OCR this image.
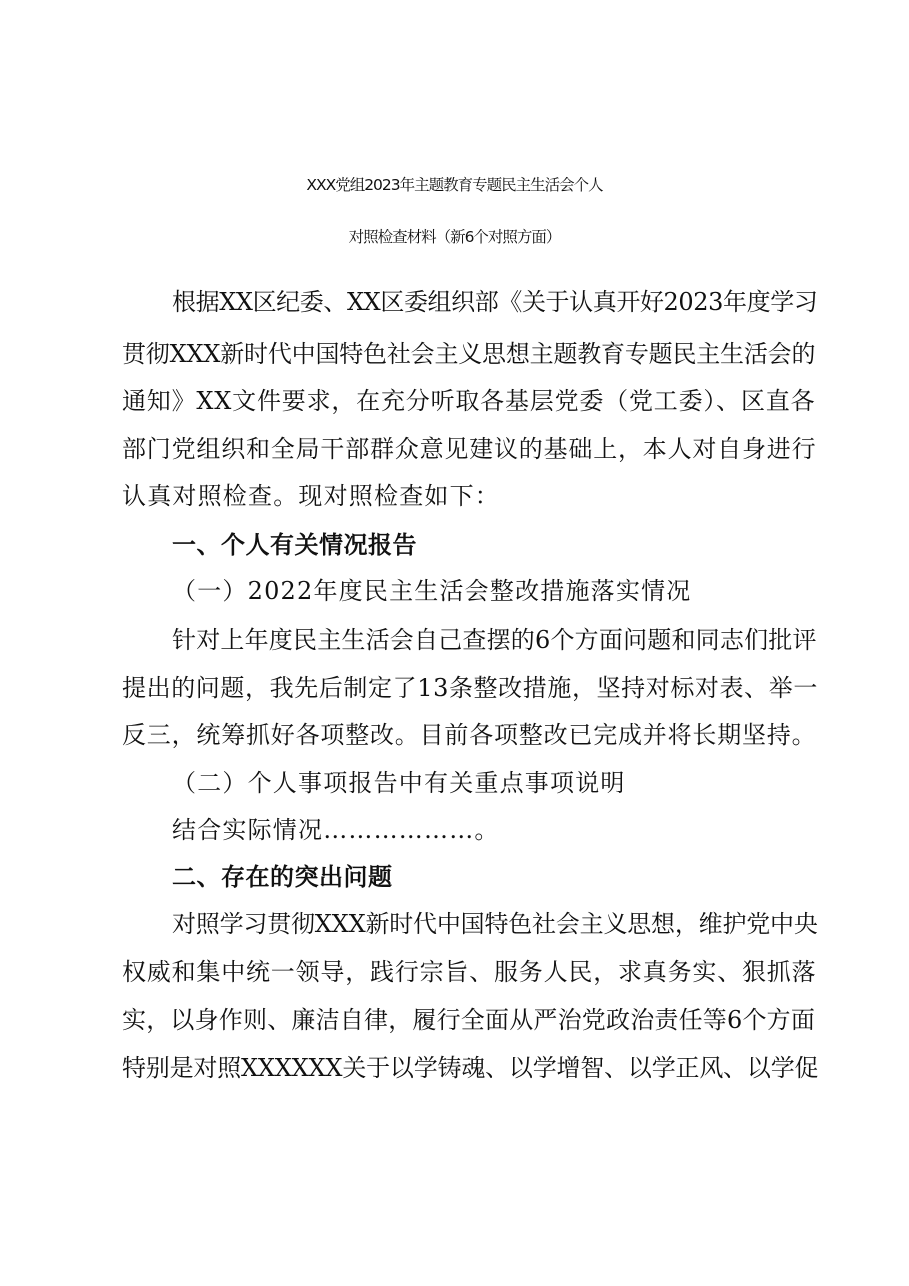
XXX党组2023年主题教育专题民主生活会个人
对照检查材料（新6个对照方面）
根据XX区纪委、XX区委组织部《关于认真开好2023年度学习
贯彻XXX新时代中国特色社会主义思想主题教育专题民主生活会的
通知》XX文件要求，在充分听取各基层党委（党工委）、区直各
部门党组织和全局干部群众意见建议的基础上，本人对自身进行
认真对照检查。现对照检查如下：
一、个人有关情况报告
（一）2022年度民主生活会整改措施落实情况
针对上年度民主生活会自己查摆的6个方面问题和同志们批评
提出的问题，我先后制定了13条整改措施，坚持对标对表、举一
反三，统筹抓好各项整改。目前各项整改已完成并将长期坚持。
（二）个人事项报告中有关重点事项说明
结合实际情况………………。
二、存在的突出问题
对照学习贯彻XXX新时代中国特色社会主义思想，维护党中央
权威和集中统一领导，践行宗旨、服务人民，求真务实、狠抓落
实，以身作则、廉洁自律，履行全面从严治党政治责任等6个方面
特别是对照XXXXXX关于以学铸魂、以学增智、以学正风、以学促
